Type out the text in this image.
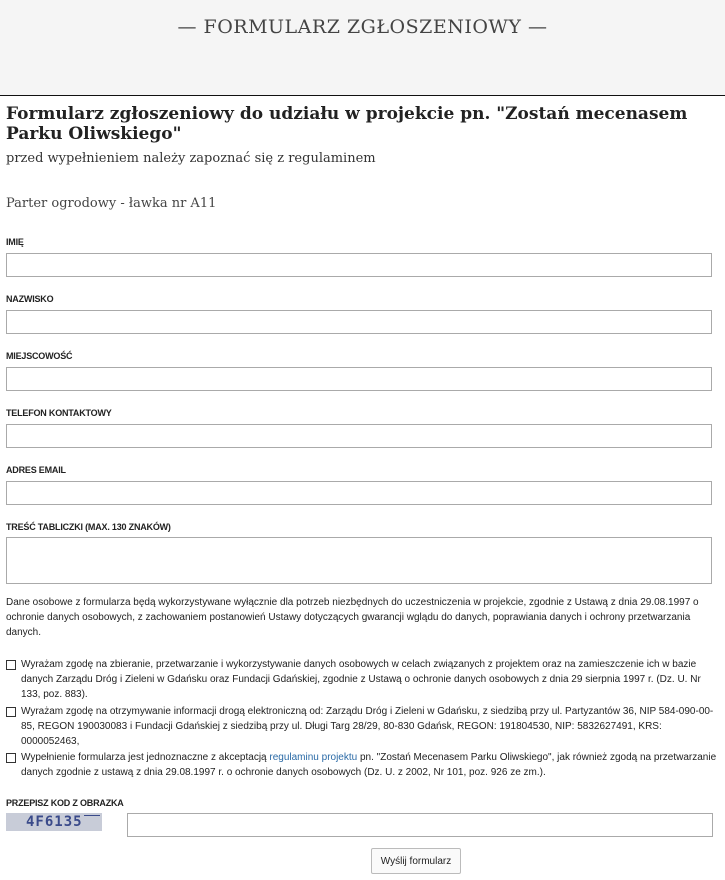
— FORMULARZ ZGŁOSZENIOWY —
Formularz zgłoszeniowy do udziału w projekcie pn. "Zostań mecenasem Parku Oliwskiego"
przed wypełnieniem należy zapoznać się z regulaminem
Parter ogrodowy - ławka nr A11
IMIĘ
NAZWISKO
MIEJSCOWOŚĆ
TELEFON KONTAKTOWY
ADRES EMAIL
TREŚĆ TABLICZKI (MAX. 130 ZNAKÓW)
Dane osobowe z formularza będą wykorzystywane wyłącznie dla potrzeb niezbędnych do uczestniczenia w projekcie, zgodnie z Ustawą z dnia 29.08.1997 o ochronie danych osobowych, z zachowaniem postanowień Ustawy dotyczących gwarancji wglądu do danych, poprawiania danych i ochrony przetwarzania danych.
Wyrażam zgodę na zbieranie, przetwarzanie i wykorzystywanie danych osobowych w celach związanych z projektem oraz na zamieszczenie ich w bazie danych Zarządu Dróg i Zieleni w Gdańsku oraz Fundacji Gdańskiej, zgodnie z Ustawą o ochronie danych osobowych z dnia 29 sierpnia 1997 r. (Dz. U. Nr 133, poz. 883).
Wyrażam zgodę na otrzymywanie informacji drogą elektroniczną od: Zarządu Dróg i Zieleni w Gdańsku, z siedzibą przy ul. Partyzantów 36, NIP 584-090-00-85, REGON 190030083 i Fundacji Gdańskiej z siedzibą przy ul. Długi Targ 28/29, 80-830 Gdańsk, REGON: 191804530, NIP: 5832627491, KRS: 0000052463,
Wypełnienie formularza jest jednoznaczne z akceptacją regulaminu projektu pn. "Zostań Mecenasem Parku Oliwskiego", jak również zgodą na przetwarzanie danych zgodnie z ustawą z dnia 29.08.1997 r. o ochronie danych osobowych (Dz. U. z 2002, Nr 101, poz. 926 ze zm.).
PRZEPISZ KOD Z OBRAZKA
4F6135
Wyślij formularz
